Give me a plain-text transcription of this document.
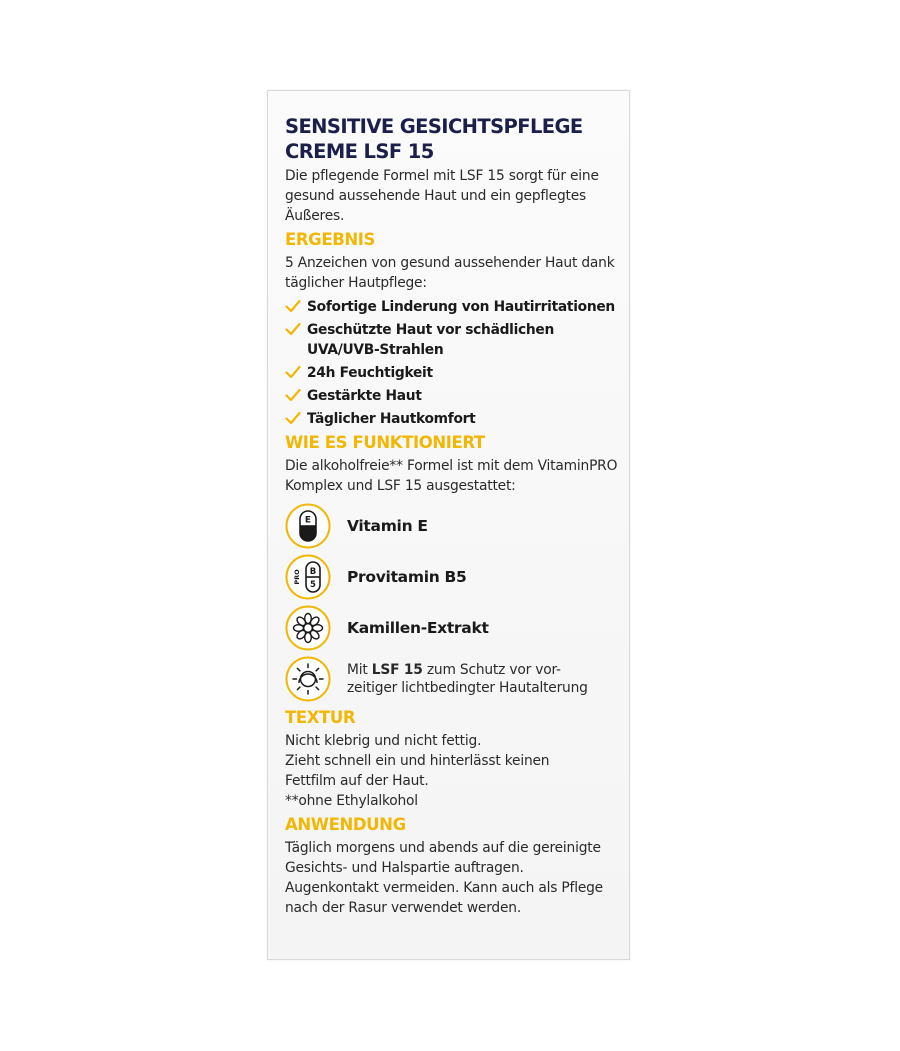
SENSITIVE GESICHTSPFLEGE
CREME LSF 15

Die pflegende Formel mit LSF 15 sorgt für eine gesund aussehende Haut und ein gepflegtes Äußeres.

ERGEBNIS

5 Anzeichen von gesund aussehender Haut dank täglicher Hautpflege:

Sofortige Linderung von Hautirritationen
Geschützte Haut vor schädlichen UVA/UVB-Strahlen
24h Feuchtigkeit
Gestärkte Haut
Täglicher Hautkomfort
WIE ES FUNKTIONIERT

Die alkoholfreie** Formel ist mit dem VitaminPRO Komplex und LSF 15 ausgestattet:

E Vitamin E
B
5
PRO	Provitamin B5
Kamillen-Extrakt
Mit LSF 15 zum Schutz vor vor-
zeitiger lichtbedingter Hautalterung
TEXTUR

Nicht klebrig und nicht fettig.

Zieht schnell ein und hinterlässt keinen Fettfilm auf der Haut.

**ohne Ethylalkohol

ANWENDUNG

Täglich morgens und abends auf die gereinigte Gesichts- und Halspartie auftragen. Augenkontakt vermeiden. Kann auch als Pflege nach der Rasur verwendet werden.
